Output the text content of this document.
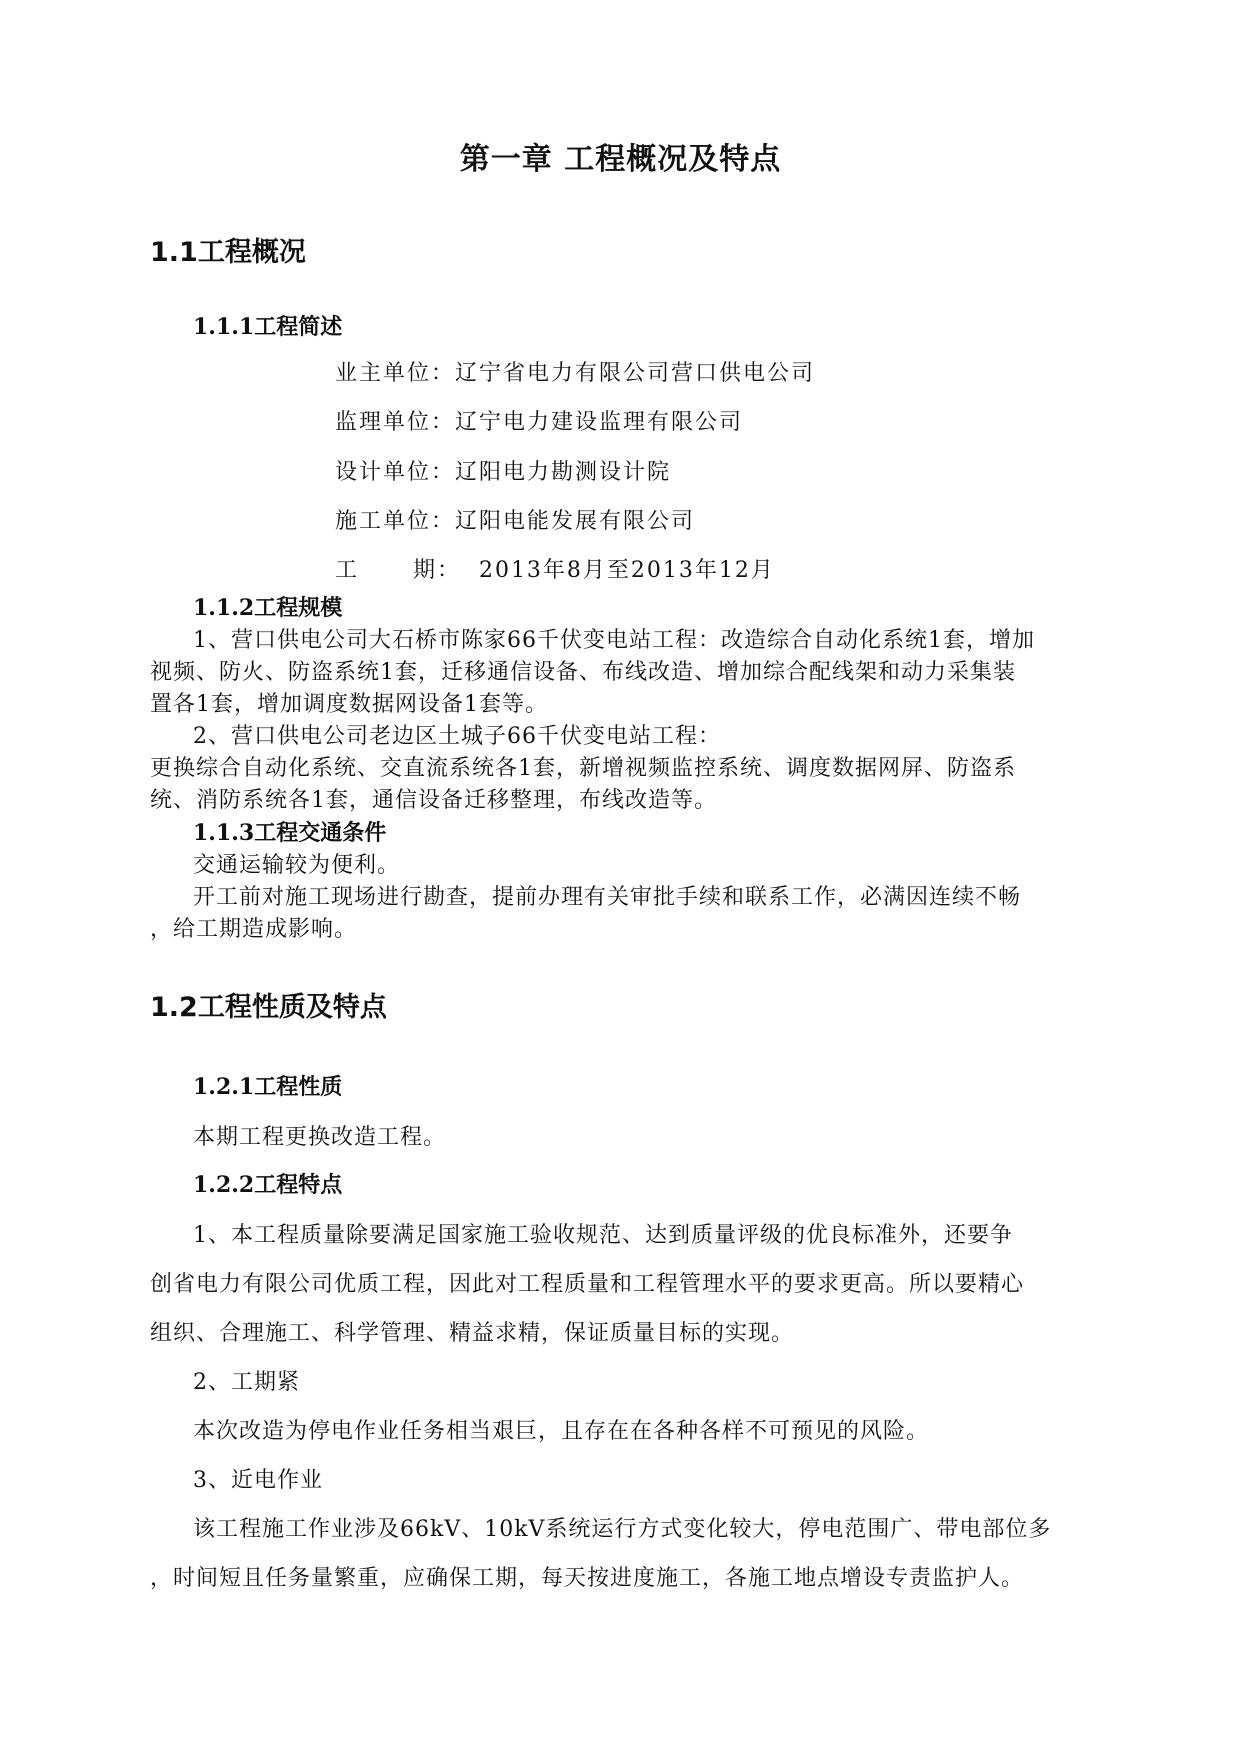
第一章 工程概况及特点
1.1工程概况
1.1.1工程简述
业主单位：辽宁省电力有限公司营口供电公司
监理单位：辽宁电力建设监理有限公司
设计单位：辽阳电力勘测设计院
施工单位：辽阳电能发展有限公司
工      期：  2013年8月至2013年12月
1.1.2工程规模
1、营口供电公司大石桥市陈家66千伏变电站工程：改造综合自动化系统1套，增加
视频、防火、防盗系统1套，迁移通信设备、布线改造、增加综合配线架和动力采集装
置各1套，增加调度数据网设备1套等。
2、营口供电公司老边区土城子66千伏变电站工程：
更换综合自动化系统、交直流系统各1套，新增视频监控系统、调度数据网屏、防盗系
统、消防系统各1套，通信设备迁移整理，布线改造等。
1.1.3工程交通条件
交通运输较为便利。
开工前对施工现场进行勘查，提前办理有关审批手续和联系工作，必满因连续不畅
，给工期造成影响。
1.2工程性质及特点
1.2.1工程性质
本期工程更换改造工程。
1.2.2工程特点
1、本工程质量除要满足国家施工验收规范、达到质量评级的优良标准外，还要争
创省电力有限公司优质工程，因此对工程质量和工程管理水平的要求更高。所以要精心
组织、合理施工、科学管理、精益求精，保证质量目标的实现。
2、工期紧
本次改造为停电作业任务相当艰巨，且存在在各种各样不可预见的风险。
3、近电作业
该工程施工作业涉及66kV、10kV系统运行方式变化较大，停电范围广、带电部位多
，时间短且任务量繁重，应确保工期，每天按进度施工，各施工地点增设专责监护人。
